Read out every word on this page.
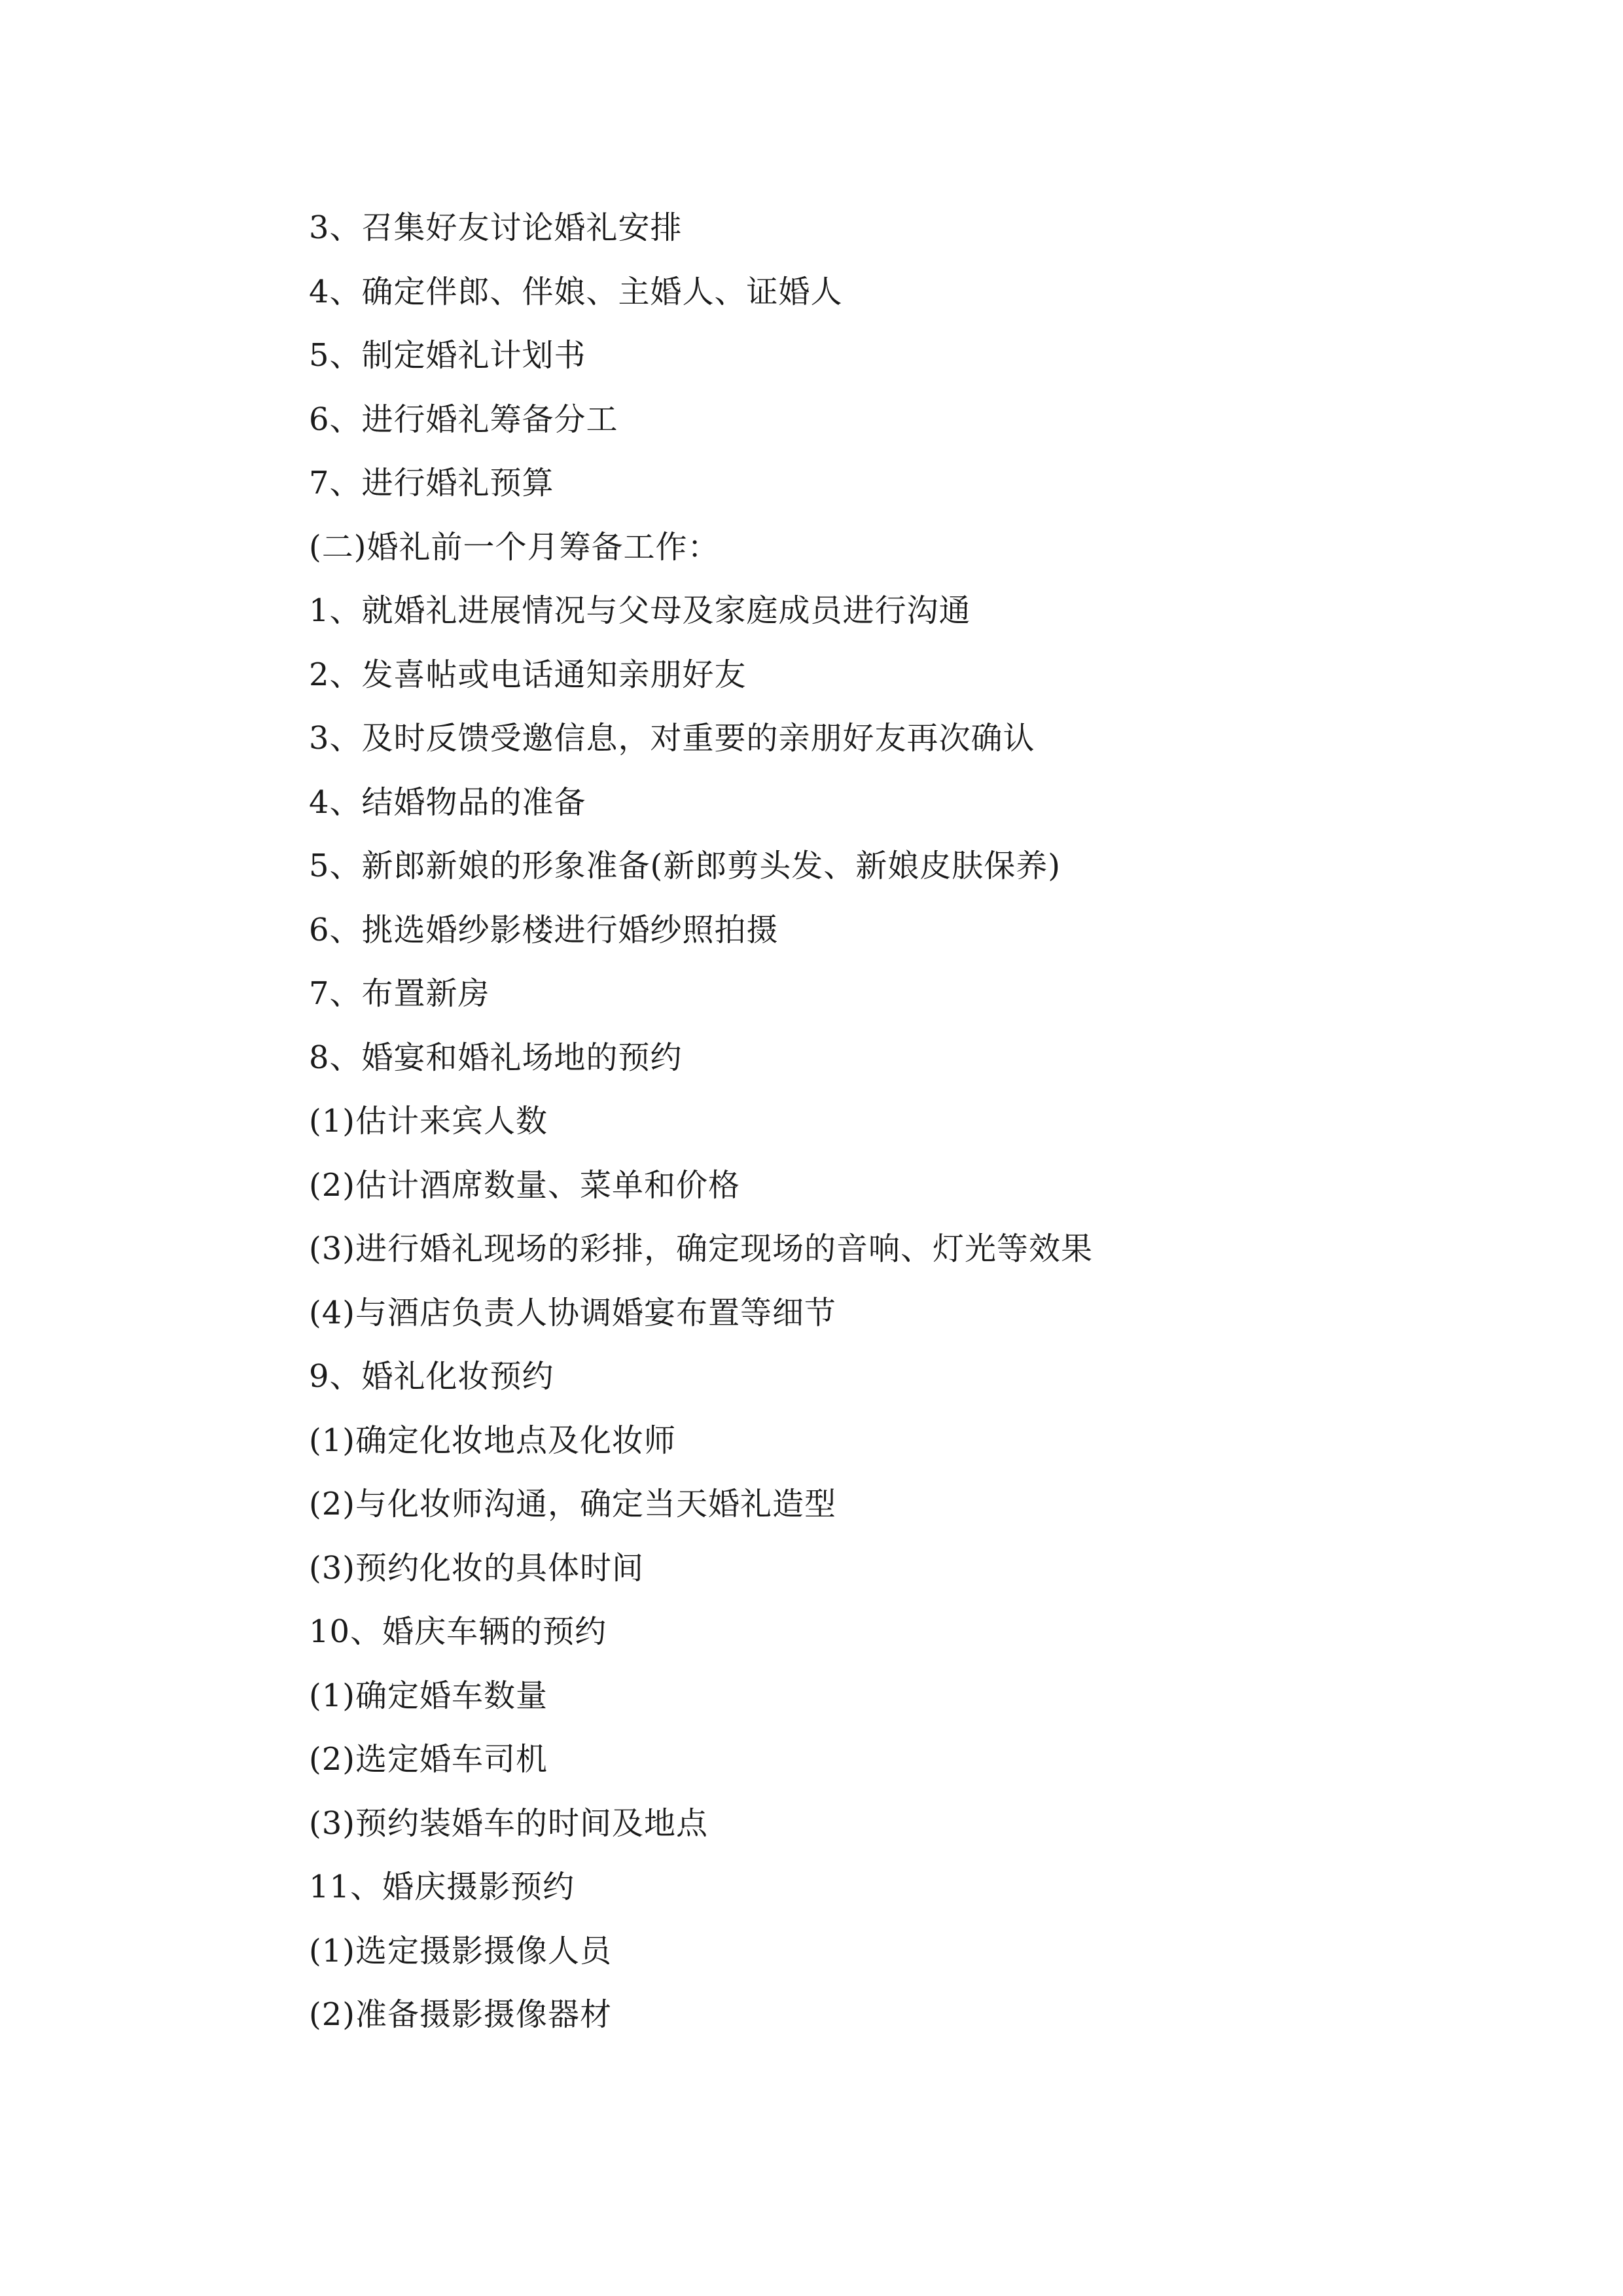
3、召集好友讨论婚礼安排
4、确定伴郎、伴娘、主婚人、证婚人
5、制定婚礼计划书
6、进行婚礼筹备分工
7、进行婚礼预算
(二)婚礼前一个月筹备工作：
1、就婚礼进展情况与父母及家庭成员进行沟通
2、发喜帖或电话通知亲朋好友
3、及时反馈受邀信息，对重要的亲朋好友再次确认
4、结婚物品的准备
5、新郎新娘的形象准备(新郎剪头发、新娘皮肤保养)
6、挑选婚纱影楼进行婚纱照拍摄
7、布置新房
8、婚宴和婚礼场地的预约
(1)估计来宾人数
(2)估计酒席数量、菜单和价格
(3)进行婚礼现场的彩排，确定现场的音响、灯光等效果
(4)与酒店负责人协调婚宴布置等细节
9、婚礼化妆预约
(1)确定化妆地点及化妆师
(2)与化妆师沟通，确定当天婚礼造型
(3)预约化妆的具体时间
10、婚庆车辆的预约
(1)确定婚车数量
(2)选定婚车司机
(3)预约装婚车的时间及地点
11、婚庆摄影预约
(1)选定摄影摄像人员
(2)准备摄影摄像器材
